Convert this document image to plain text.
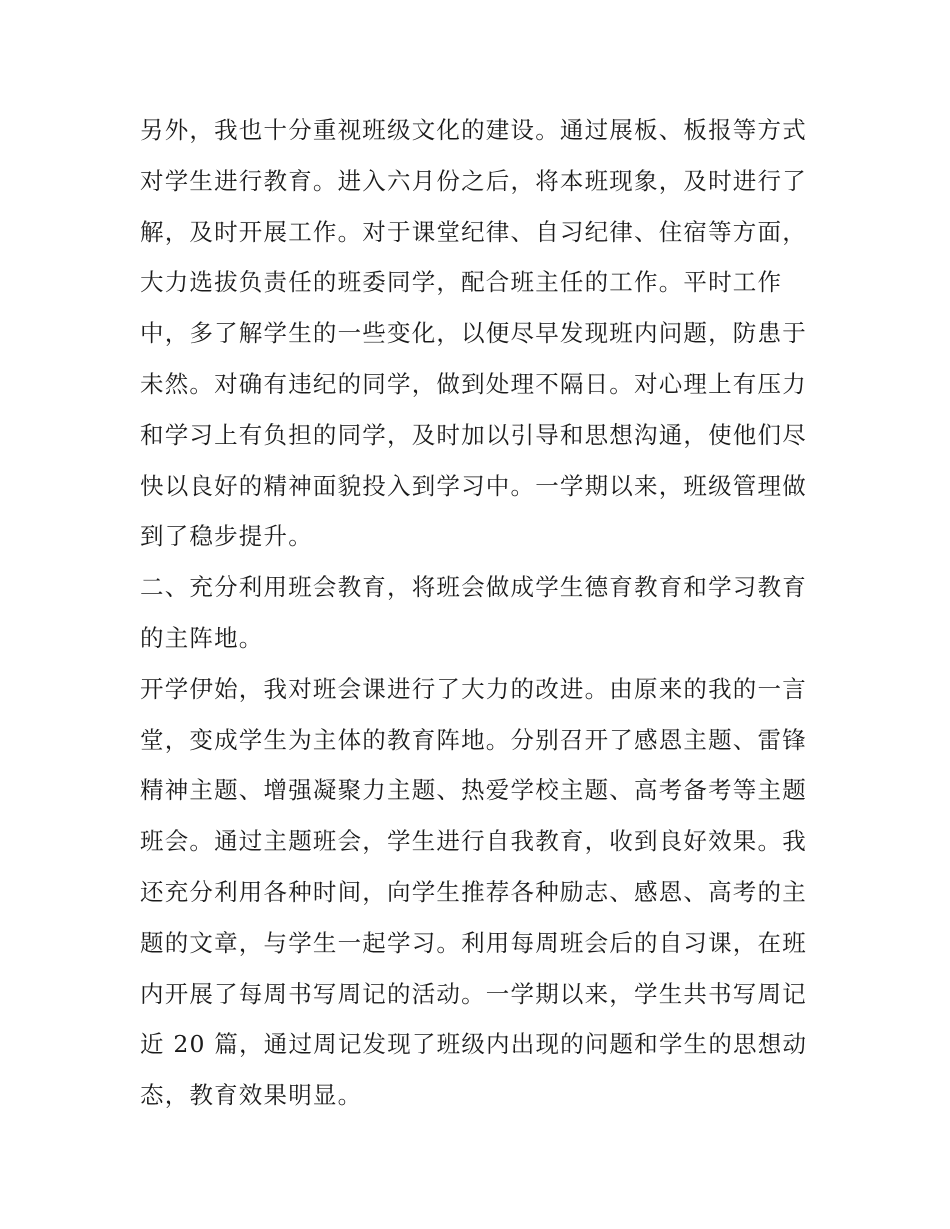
另外，我也十分重视班级文化的建设。通过展板、板报等方式
对学生进行教育。进入六月份之后，将本班现象，及时进行了
解，及时开展工作。对于课堂纪律、自习纪律、住宿等方面，
大力选拔负责任的班委同学，配合班主任的工作。平时工作
中，多了解学生的一些变化，以便尽早发现班内问题，防患于
未然。对确有违纪的同学，做到处理不隔日。对心理上有压力
和学习上有负担的同学，及时加以引导和思想沟通，使他们尽
快以良好的精神面貌投入到学习中。一学期以来，班级管理做
到了稳步提升。
二、充分利用班会教育，将班会做成学生德育教育和学习教育
的主阵地。
开学伊始，我对班会课进行了大力的改进。由原来的我的一言
堂，变成学生为主体的教育阵地。分别召开了感恩主题、雷锋
精神主题、增强凝聚力主题、热爱学校主题、高考备考等主题
班会。通过主题班会，学生进行自我教育，收到良好效果。我
还充分利用各种时间，向学生推荐各种励志、感恩、高考的主
题的文章，与学生一起学习。利用每周班会后的自习课，在班
内开展了每周书写周记的活动。一学期以来，学生共书写周记
近 20 篇，通过周记发现了班级内出现的问题和学生的思想动
态，教育效果明显。
